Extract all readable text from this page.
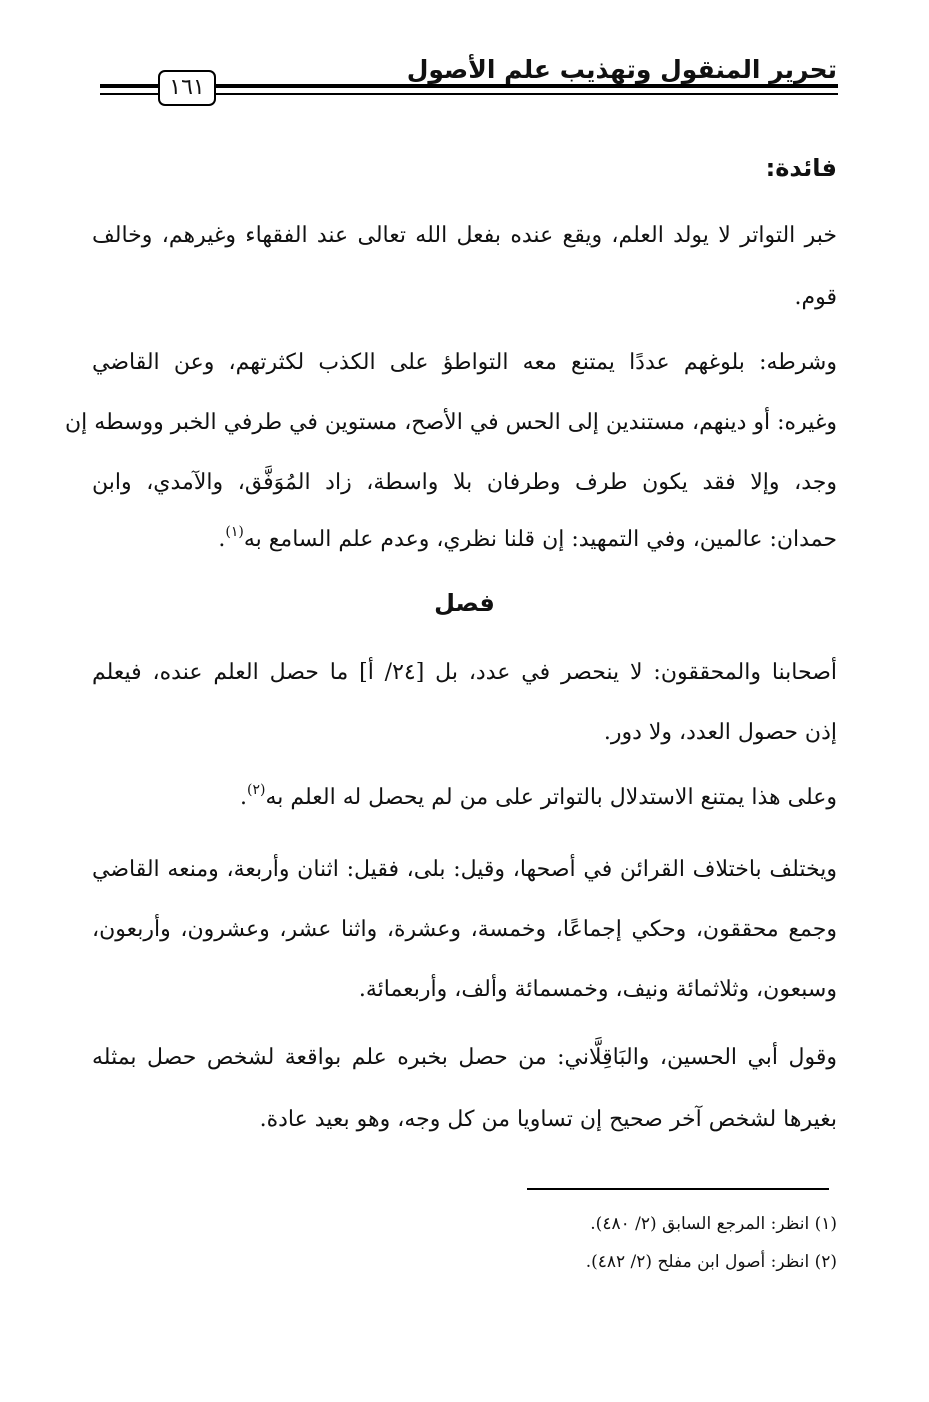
تحرير المنقول وتهذيب علم الأصول
١٦١
فائدة:
خبر التواتر لا يولد العلم، ويقع عنده بفعل الله تعالى عند الفقهاء وغيرهم، وخالف
قوم.
وشرطه: بلوغهم عددًا يمتنع معه التواطؤ على الكذب لكثرتهم، وعن القاضي
وغيره: أو دينهم، مستندين إلى الحس في الأصح، مستوين في طرفي الخبر ووسطه إن
وجد، وإلا فقد يكون طرف وطرفان بلا واسطة، زاد المُوَفَّق، والآمدي، وابن
حمدان: عالمين، وفي التمهيد: إن قلنا نظري، وعدم علم السامع به$^{(١)}$.
فصل
أصحابنا والمحققون: لا ينحصر في عدد، بل [٢٤/ أ] ما حصل العلم عنده، فيعلم
إذن حصول العدد، ولا دور.
وعلى هذا يمتنع الاستدلال بالتواتر على من لم يحصل له العلم به$^{(٢)}$.
ويختلف باختلاف القرائن في أصحها، وقيل: بلى، فقيل: اثنان وأربعة، ومنعه القاضي
وجمع محققون، وحكي إجماعًا، وخمسة، وعشرة، واثنا عشر، وعشرون، وأربعون،
وسبعون، وثلاثمائة ونيف، وخمسمائة وألف، وأربعمائة.
وقول أبي الحسين، والبَاقِلَّاني: من حصل بخبره علم بواقعة لشخص حصل بمثله
بغيرها لشخص آخر صحيح إن تساويا من كل وجه، وهو بعيد عادة.
(١) انظر: المرجع السابق (٢/ ٤٨٠).
(٢) انظر: أصول ابن مفلح (٢/ ٤٨٢).
